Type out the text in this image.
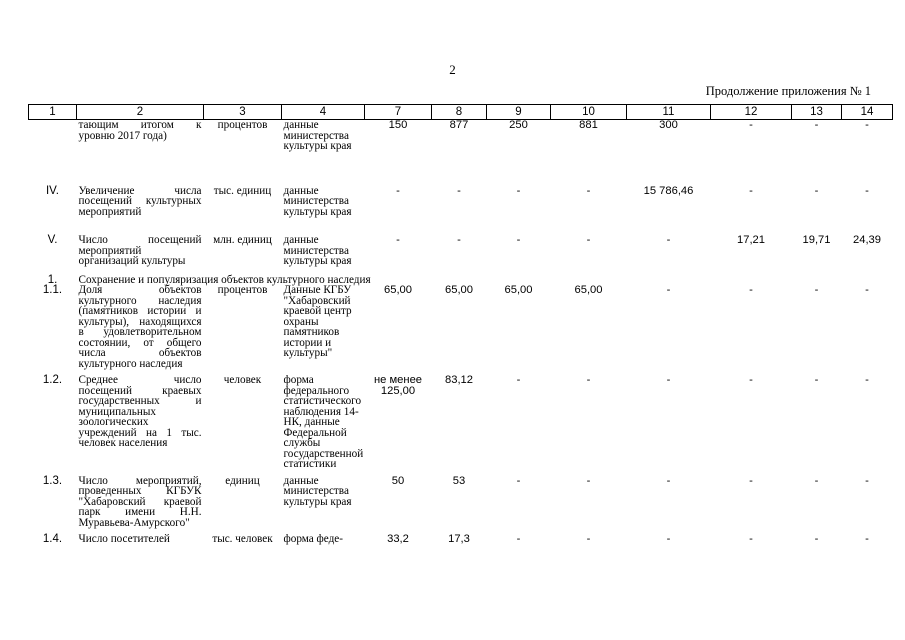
2
Продолжение приложения № 1
1	2	3	4	7	8	9	10	11	12	13	14
	тающим итогом к уровню 2017 года)	процентов	данные министерства культуры края	150	877	250	881	300	-	-	-
IV.	Увеличение числа посещений культурных мероприятий	тыс. единиц	данные министерства культуры края	-	-	-	-	15 786,46	-	-	-
V.	Число посещений мероприятий организаций культуры	млн. единиц	данные министерства культуры края	-	-	-	-	-	17,21	19,71	24,39
1.	Сохранение и популяризация объектов культурного наследия										
1.1.	Доля объектов культурного наследия (памятников истории и культуры), находящихся в удовлетворительном состоянии, от общего числа объектов культурного наследия	процентов	Данные КГБУ "Хабаровский краевой центр охраны памятников истории и культуры"	65,00	65,00	65,00	65,00	-	-	-	-
1.2.	Среднее число посещений краевых государственных и муниципальных зоологических учреждений на 1 тыс. человек населения	человек	форма федерального статистического наблюдения 14-НК, данные Федеральной службы государственной статистики	не менее 125,00	83,12	-	-	-	-	-	-
1.3.	Число мероприятий, проведенных КГБУК "Хабаровский краевой парк имени Н.Н. Муравьева-Амурского"	единиц	данные министерства культуры края	50	53	-	-	-	-	-	-
1.4.	Число посетителей	тыс. человек	форма феде-	33,2	17,3	-	-	-	-	-	-
